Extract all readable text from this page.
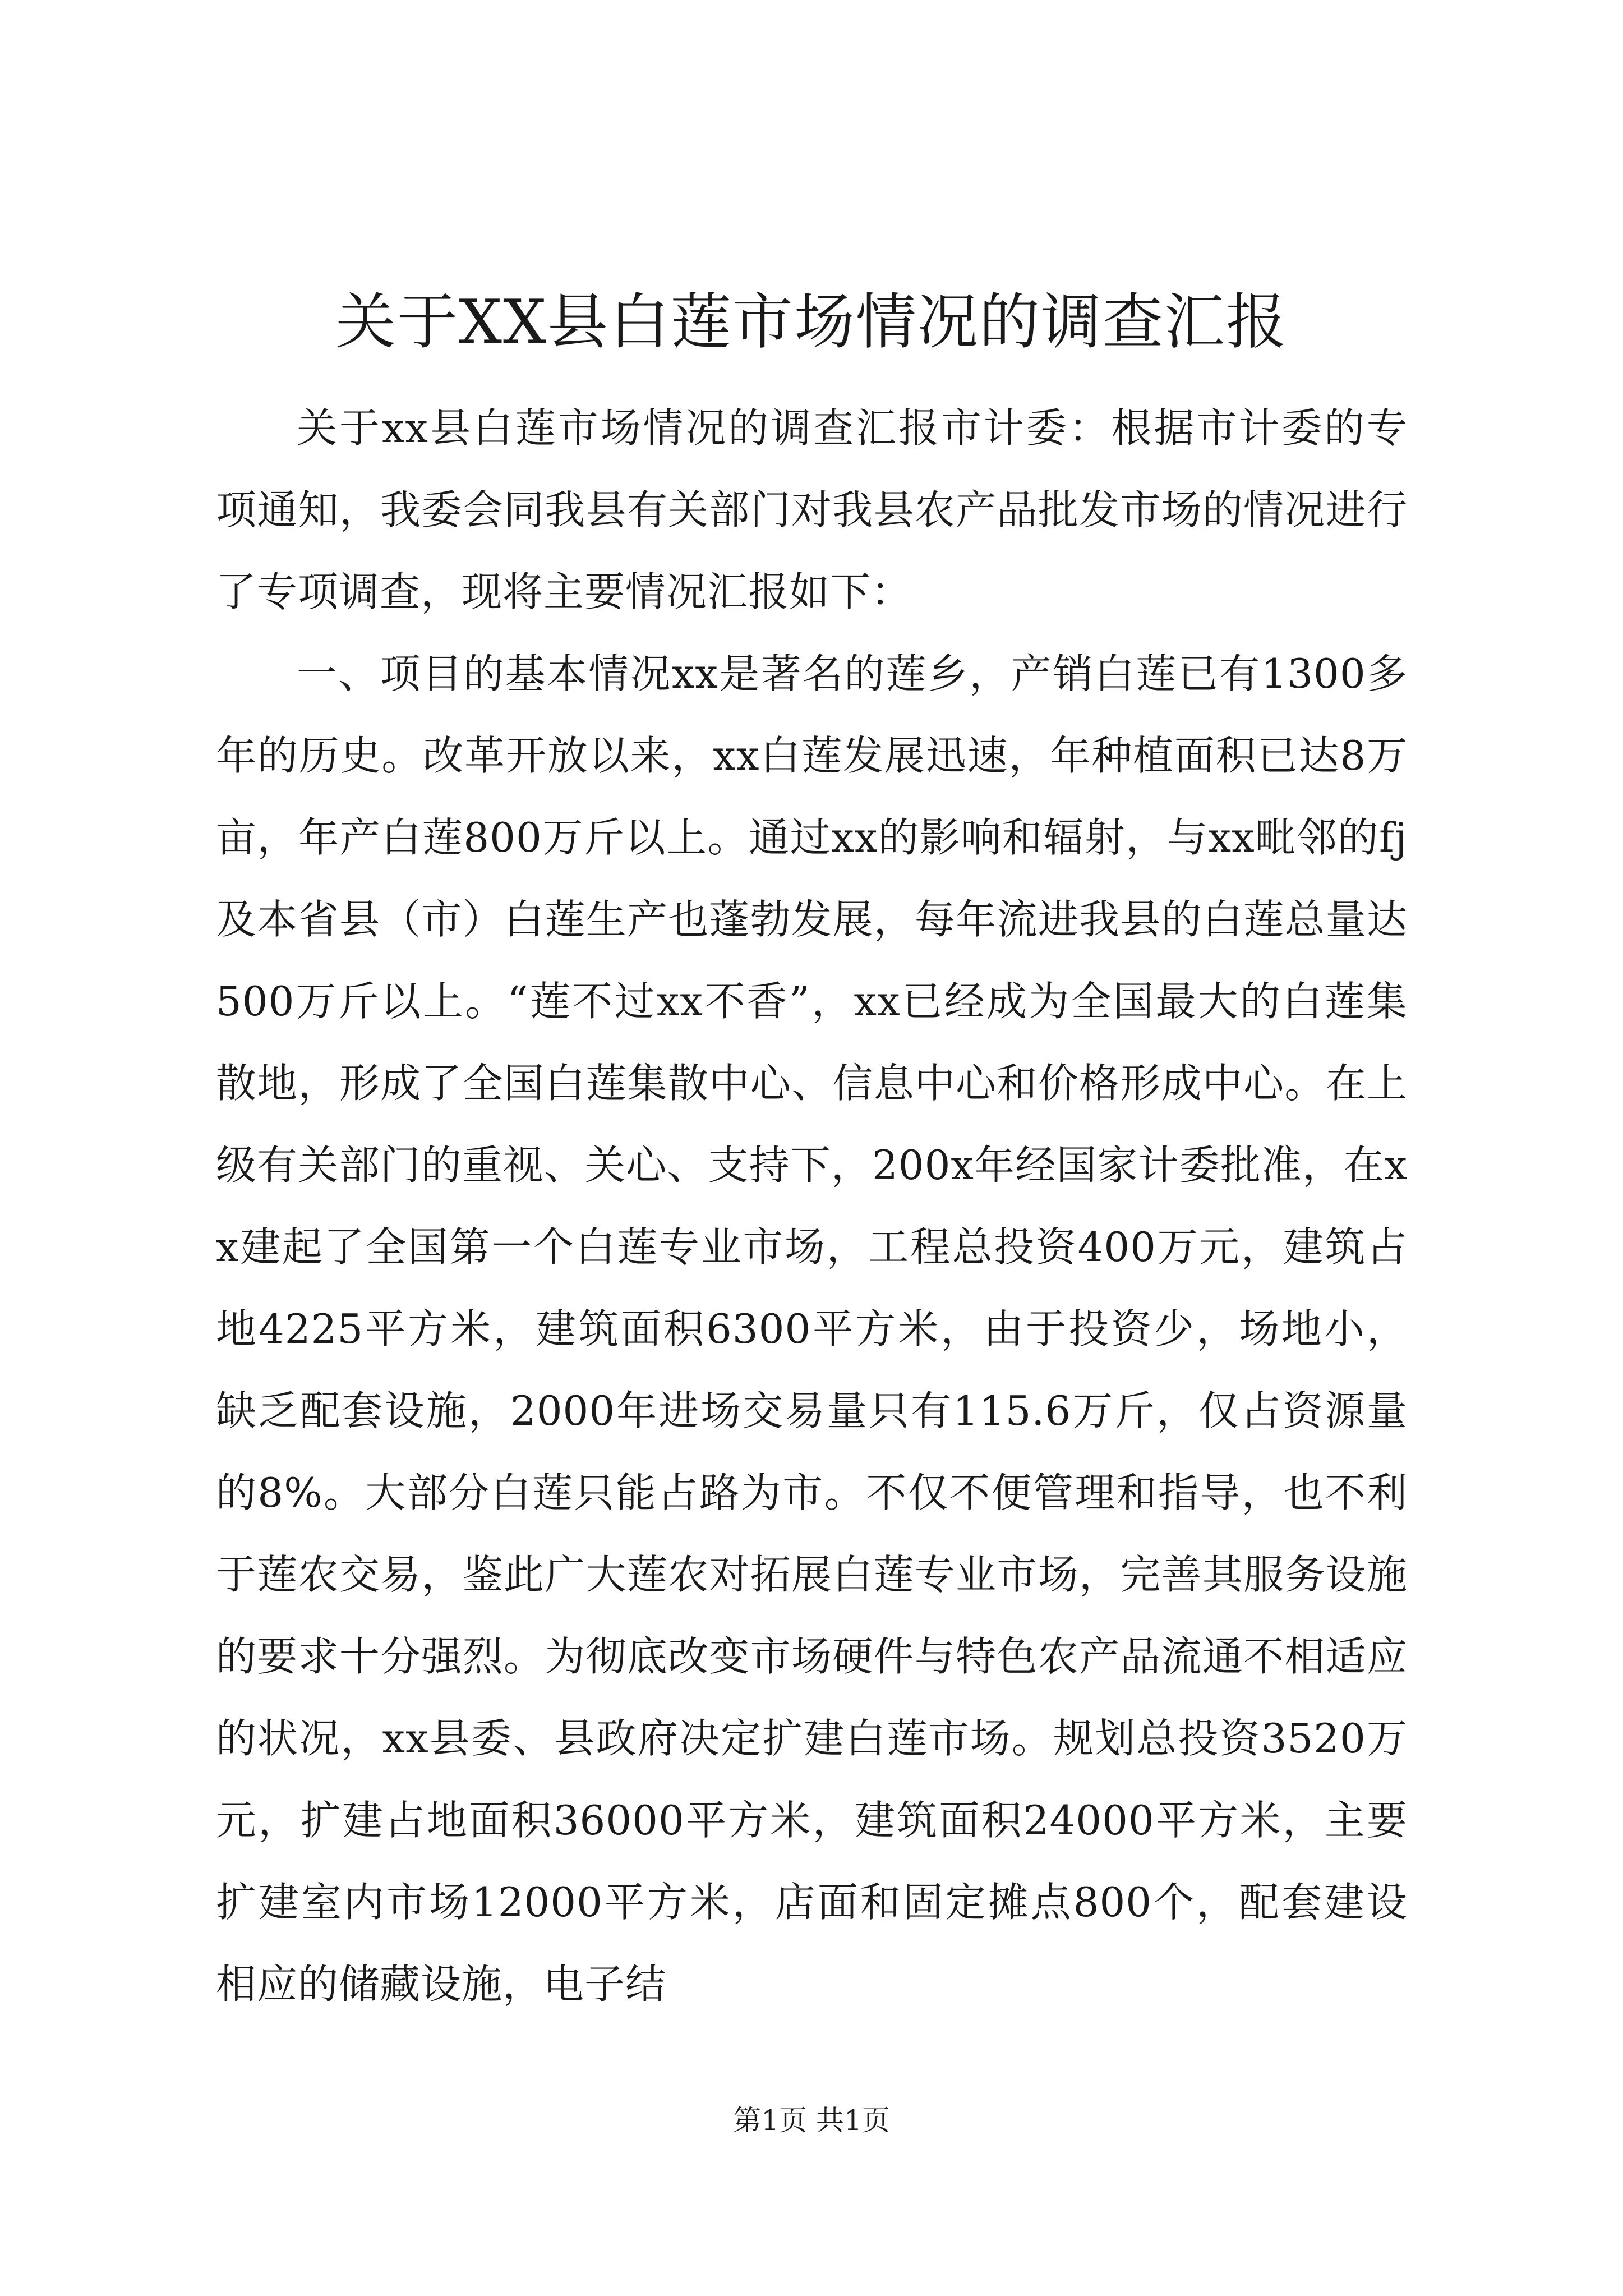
关于XX县白莲市场情况的调查汇报

关于xx县白莲市场情况的调查汇报市计委：根据市计委的专项通知，我委会同我县有关部门对我县农产品批发市场的情况进行了专项调查，现将主要情况汇报如下：

一、项目的基本情况xx是著名的莲乡，产销白莲已有1300多年的历史。改革开放以来，xx白莲发展迅速，年种植面积已达8万亩，年产白莲800万斤以上。通过xx的影响和辐射，与xx毗邻的fj及本省县（市）白莲生产也蓬勃发展，每年流进我县的白莲总量达500万斤以上。“莲不过xx不香”，xx已经成为全国最大的白莲集散地，形成了全国白莲集散中心、信息中心和价格形成中心。在上级有关部门的重视、关心、支持下，200x年经国家计委批准，在xx建起了全国第一个白莲专业市场，工程总投资400万元，建筑占地4225平方米，建筑面积6300平方米，由于投资少，场地小，缺乏配套设施，2000年进场交易量只有115.6万斤，仅占资源量的8%。大部分白莲只能占路为市。不仅不便管理和指导，也不利于莲农交易，鉴此广大莲农对拓展白莲专业市场，完善其服务设施的要求十分强烈。为彻底改变市场硬件与特色农产品流通不相适应的状况，xx县委、县政府决定扩建白莲市场。规划总投资3520万元，扩建占地面积36000平方米，建筑面积24000平方米，主要扩建室内市场12000平方米，店面和固定摊点800个，配套建设相应的储藏设施，电子结

第1页 共1页
